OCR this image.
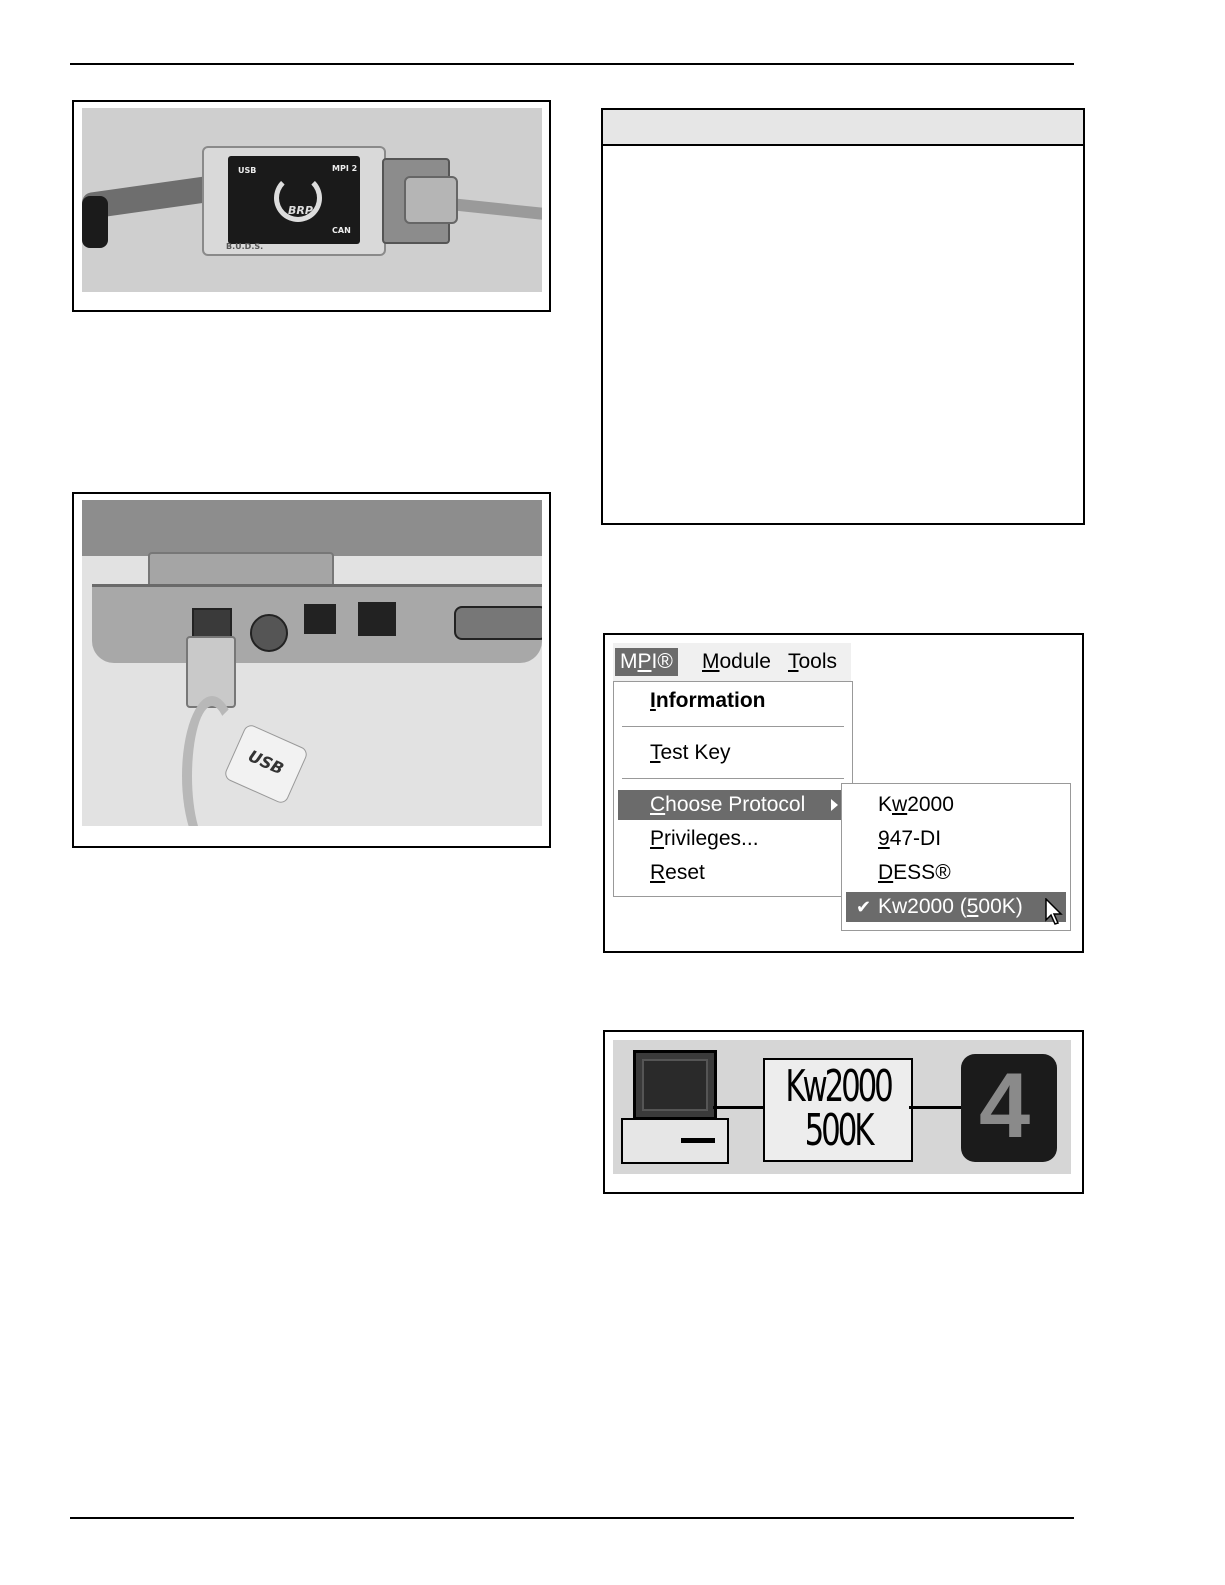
USB	MPI 2
BRP
CAN
B.U.D.S.
USB
MPI® Module Tools
Information
Test Key
Choose Protocol
Privileges...
Reset
Kw2000
947-DI
DESS®
✔ Kw2000 (500K)
Kw2000
500K 4
